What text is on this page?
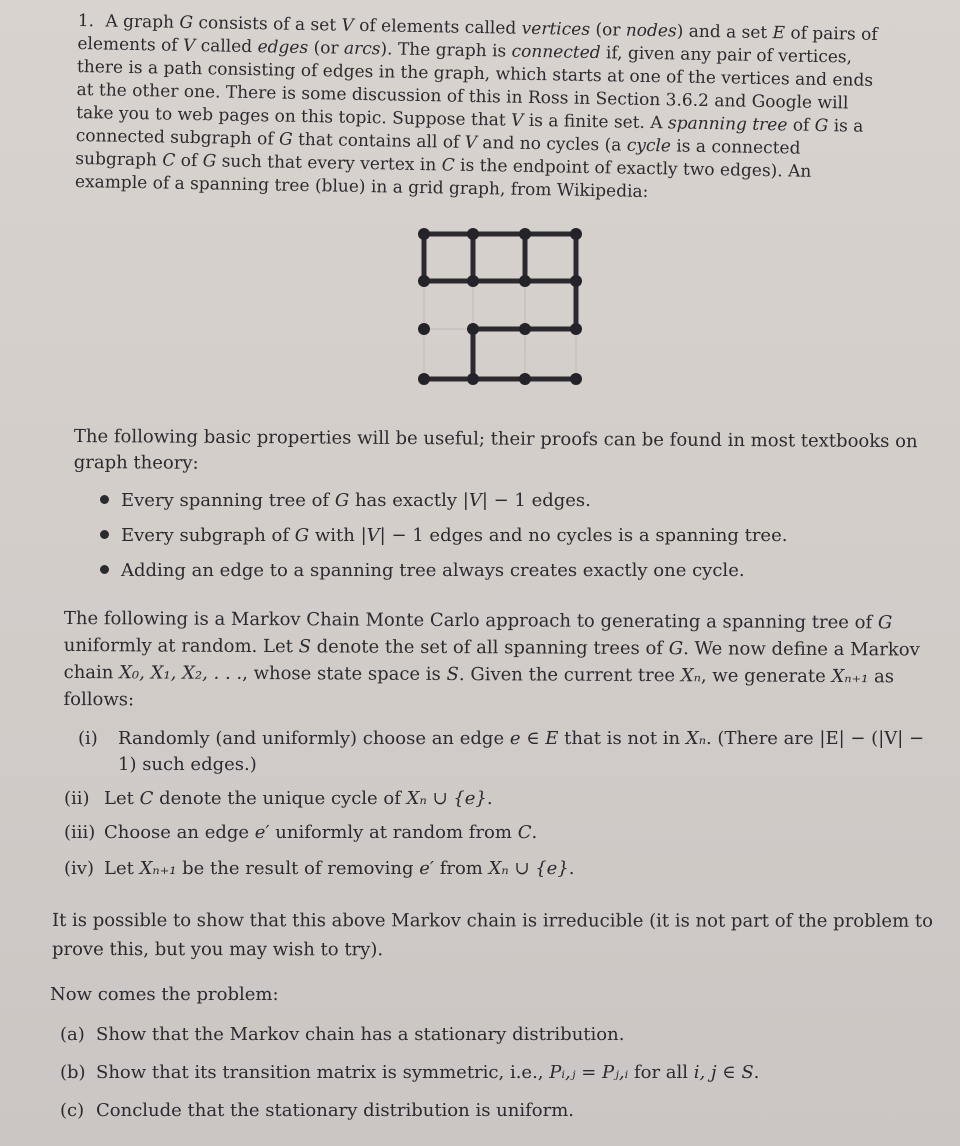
1. A graph G consists of a set V of elements called vertices (or nodes) and a set E of pairs of elements of V called edges (or arcs). The graph is connected if, given any pair of vertices, there is a path consisting of edges in the graph, which starts at one of the vertices and ends at the other one. There is some discussion of this in Ross in Section 3.6.2 and Google will take you to web pages on this topic. Suppose that V is a finite set. A spanning tree of G is a connected subgraph of G that contains all of V and no cycles (a cycle is a connected subgraph C of G such that every vertex in C is the endpoint of exactly two edges). An example of a spanning tree (blue) in a grid graph, from Wikipedia:
The following basic properties will be useful; their proofs can be found in most textbooks on graph theory:
Every spanning tree of G has exactly |V| − 1 edges.
Every subgraph of G with |V| − 1 edges and no cycles is a spanning tree.
Adding an edge to a spanning tree always creates exactly one cycle.
The following is a Markov Chain Monte Carlo approach to generating a spanning tree of G uniformly at random. Let S denote the set of all spanning trees of G. We now define a Markov chain X₀, X₁, X₂, . . ., whose state space is S. Given the current tree Xₙ, we generate Xₙ₊₁ as follows:
(i)	Randomly (and uniformly) choose an edge e ∈ E that is not in Xₙ. (There are |E| − (|V| − 1) such edges.)
(ii) Let C denote the unique cycle of Xₙ ∪ {e}.
(iii) Choose an edge e′ uniformly at random from C.
(iv) Let Xₙ₊₁ be the result of removing e′ from Xₙ ∪ {e}.
It is possible to show that this above Markov chain is irreducible (it is not part of the problem to prove this, but you may wish to try).
Now comes the problem:
(a) Show that the Markov chain has a stationary distribution.
(b) Show that its transition matrix is symmetric, i.e., Pᵢ,ⱼ = Pⱼ,ᵢ for all i, j ∈ S.
(c) Conclude that the stationary distribution is uniform.
